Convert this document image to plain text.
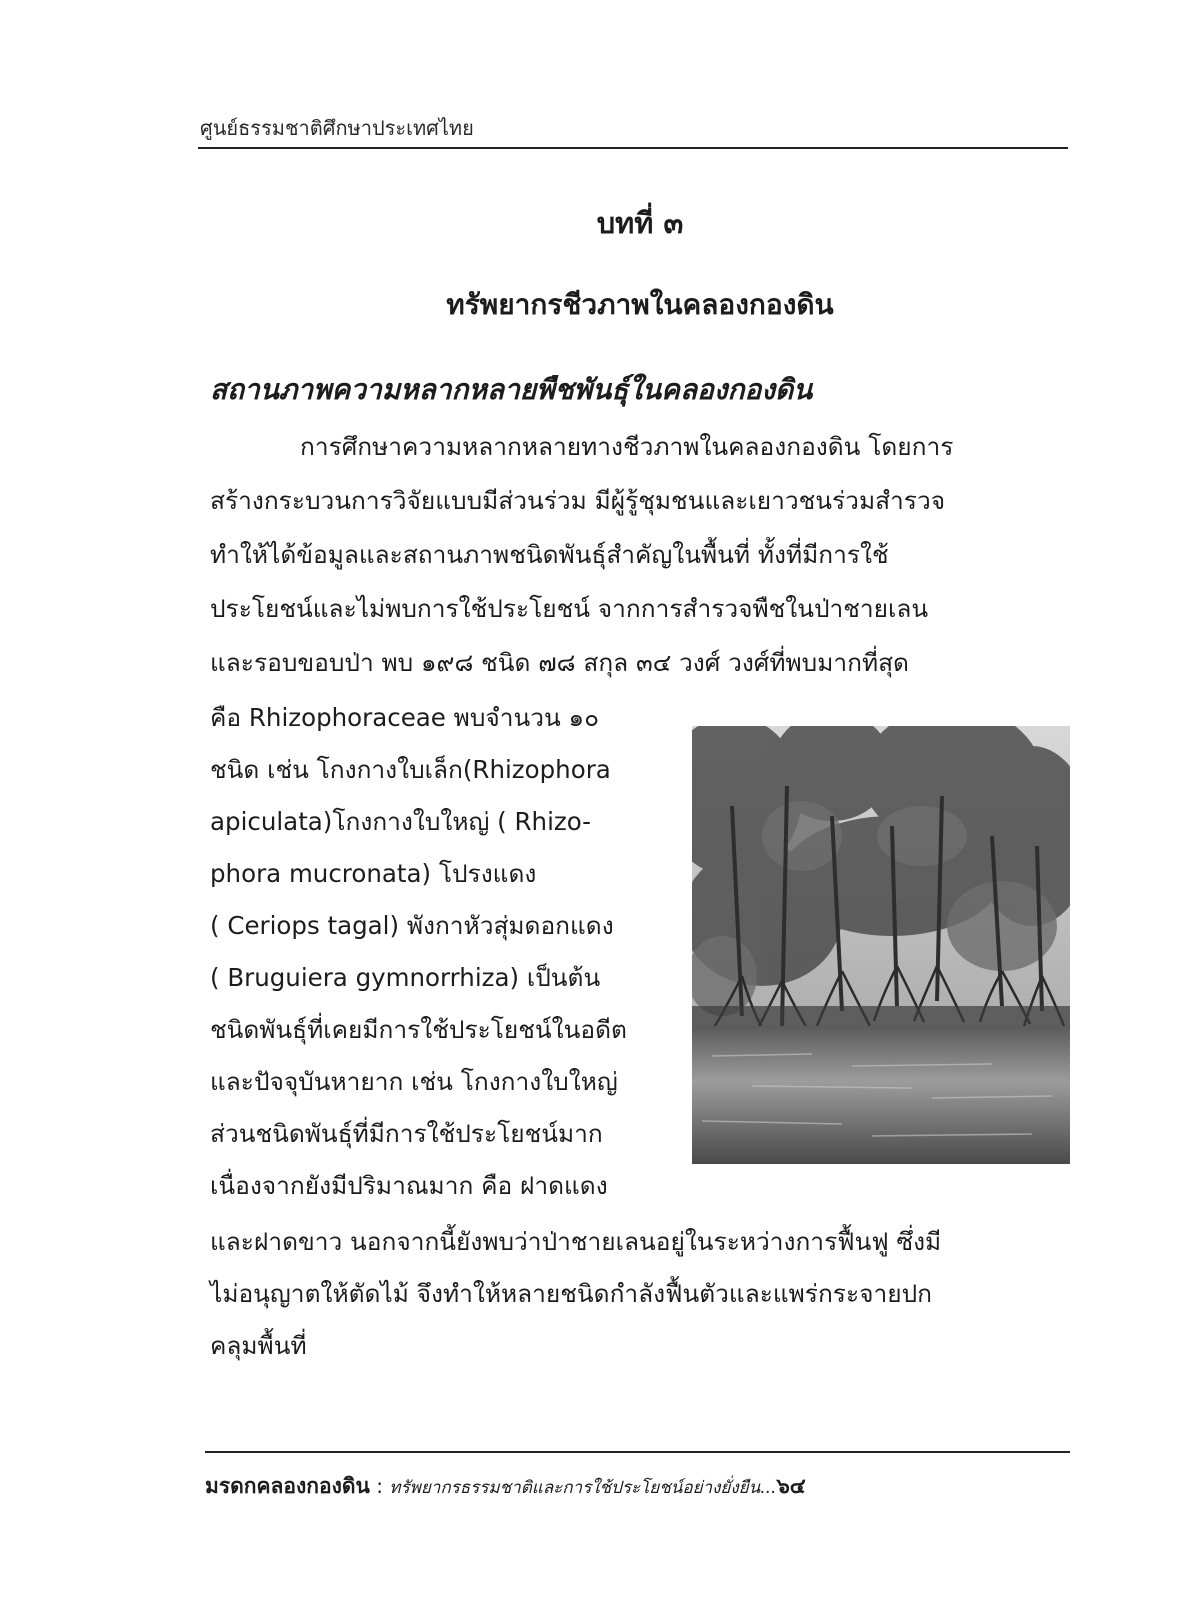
ศูนย์ธรรมชาติศึกษาประเทศไทย
บทที่ ๓
ทรัพยากรชีวภาพในคลองกองดิน
สถานภาพความหลากหลายพืชพันธุ์ในคลองกองดิน
การศึกษาความหลากหลายทางชีวภาพในคลองกองดิน โดยการ
สร้างกระบวนการวิจัยแบบมีส่วนร่วม มีผู้รู้ชุมชนและเยาวชนร่วมสำรวจ
ทำให้ได้ข้อมูลและสถานภาพชนิดพันธุ์สำคัญในพื้นที่ ทั้งที่มีการใช้
ประโยชน์และไม่พบการใช้ประโยชน์ จากการสำรวจพืชในป่าชายเลน
และรอบขอบป่า พบ ๑๙๘ ชนิด ๗๘ สกุล ๓๔ วงศ์ วงศ์ที่พบมากที่สุด
คือ Rhizophoraceae พบจำนวน ๑๐
ชนิด เช่น โกงกางใบเล็ก(Rhizophora
apiculata)โกงกางใบใหญ่ ( Rhizo-
phora mucronata) โปรงแดง
( Ceriops tagal) พังกาหัวสุ่มดอกแดง
( Bruguiera gymnorrhiza) เป็นต้น
ชนิดพันธุ์ที่เคยมีการใช้ประโยชน์ในอดีต
และปัจจุบันหายาก เช่น โกงกางใบใหญ่
ส่วนชนิดพันธุ์ที่มีการใช้ประโยชน์มาก
เนื่องจากยังมีปริมาณมาก คือ ฝาดแดง
และฝาดขาว นอกจากนี้ยังพบว่าป่าชายเลนอยู่ในระหว่างการฟื้นฟู ซึ่งมี
ไม่อนุญาตให้ตัดไม้ จึงทำให้หลายชนิดกำลังฟื้นตัวและแพร่กระจายปก
คลุมพื้นที่
มรดกคลองกองดิน : ทรัพยากรธรรมชาติและการใช้ประโยชน์อย่างยั่งยืน...๖๔
